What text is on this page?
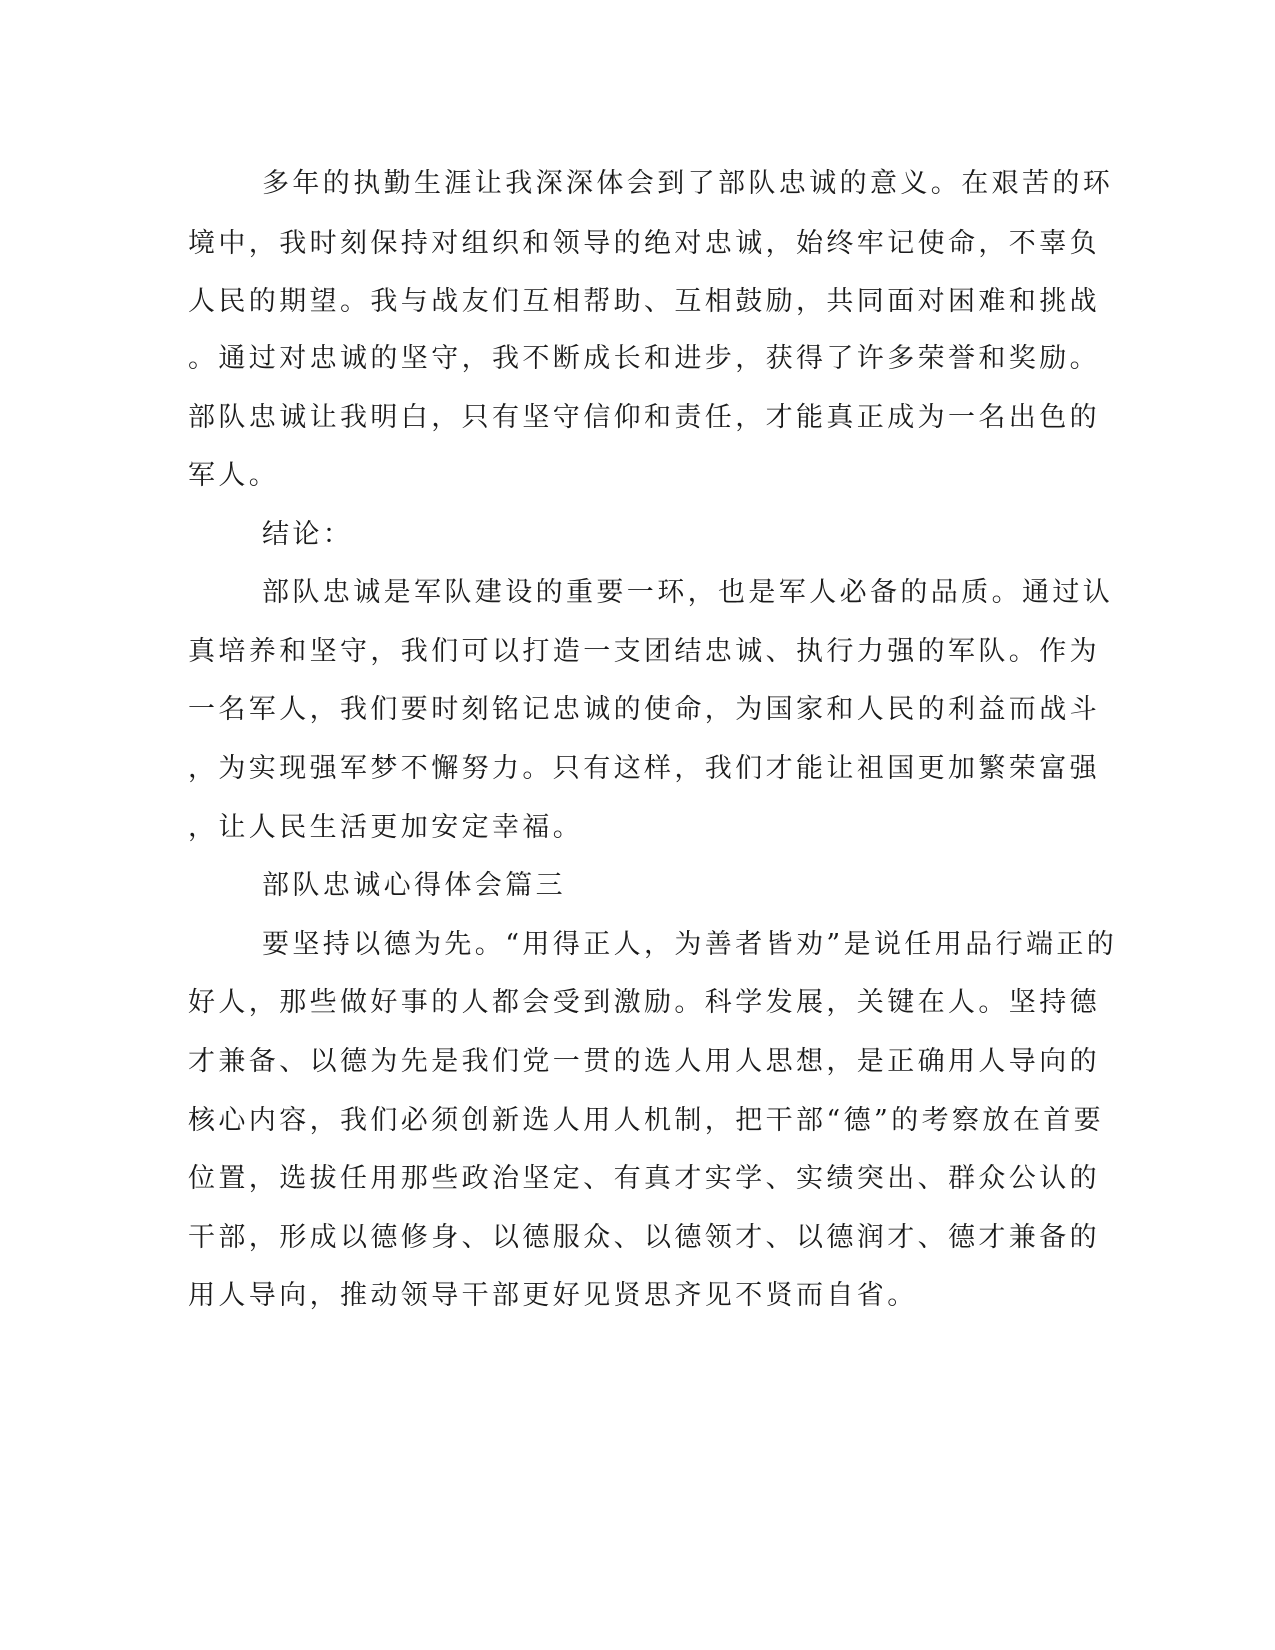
多年的执勤生涯让我深深体会到了部队忠诚的意义。在艰苦的环

境中，我时刻保持对组织和领导的绝对忠诚，始终牢记使命，不辜负

人民的期望。我与战友们互相帮助、互相鼓励，共同面对困难和挑战

。通过对忠诚的坚守，我不断成长和进步，获得了许多荣誉和奖励。

部队忠诚让我明白，只有坚守信仰和责任，才能真正成为一名出色的

军人。

结论：

部队忠诚是军队建设的重要一环，也是军人必备的品质。通过认

真培养和坚守，我们可以打造一支团结忠诚、执行力强的军队。作为

一名军人，我们要时刻铭记忠诚的使命，为国家和人民的利益而战斗

，为实现强军梦不懈努力。只有这样，我们才能让祖国更加繁荣富强

，让人民生活更加安定幸福。

部队忠诚心得体会篇三

要坚持以德为先。“用得正人，为善者皆劝”是说任用品行端正的

好人，那些做好事的人都会受到激励。科学发展，关键在人。坚持德

才兼备、以德为先是我们党一贯的选人用人思想，是正确用人导向的

核心内容，我们必须创新选人用人机制，把干部“德”的考察放在首要

位置，选拔任用那些政治坚定、有真才实学、实绩突出、群众公认的

干部，形成以德修身、以德服众、以德领才、以德润才、德才兼备的

用人导向，推动领导干部更好见贤思齐见不贤而自省。
